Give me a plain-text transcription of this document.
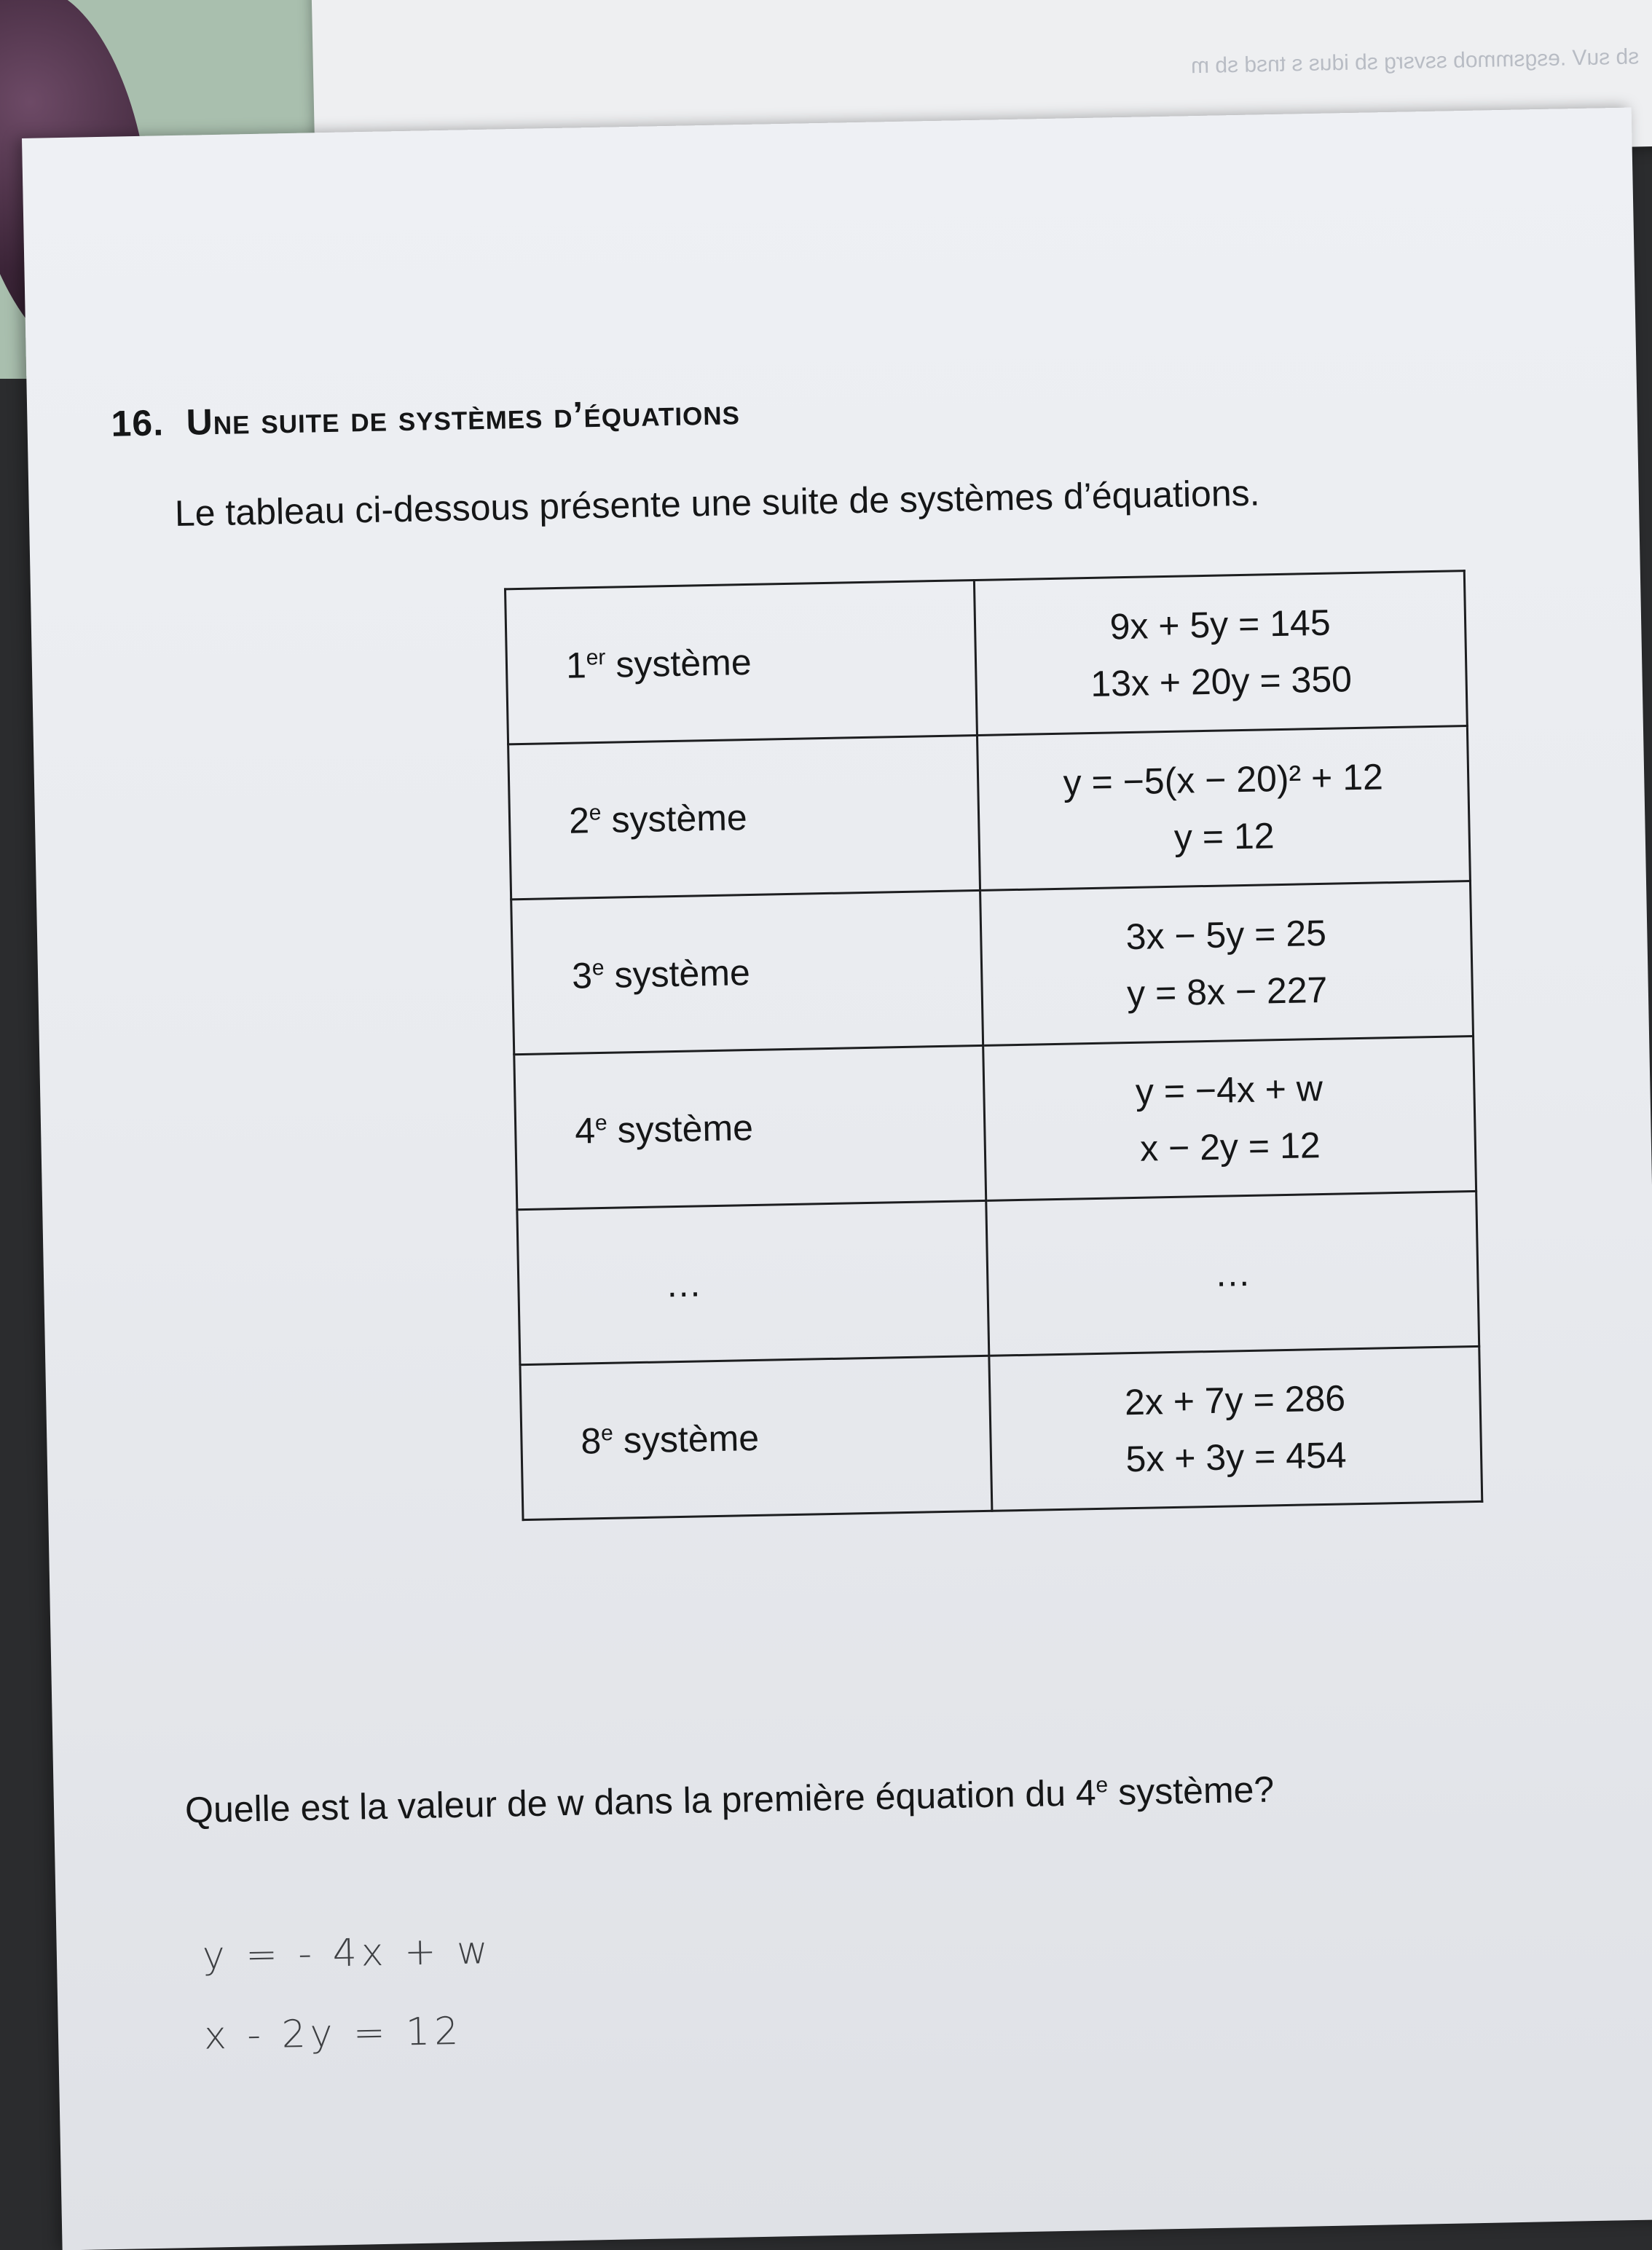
sb suV .esgsmmob ssvsrg sb idus s tnsd sb m
16. Une suite de systèmes d’équations
Le tableau ci-dessous présente une suite de systèmes d’équations.
1er système	9x + 5y = 145
13x + 20y = 350

2e système	y = −5(x − 20)² + 12
y = 12

3e système	3x − 5y = 25
y = 8x − 227

4e système	y = −4x + w
x − 2y = 12

…	…

8e système	2x + 7y = 286
5x + 3y = 454
Quelle est la valeur de w dans la première équation du 4e système?
y = - 4x + w
x - 2y = 12
